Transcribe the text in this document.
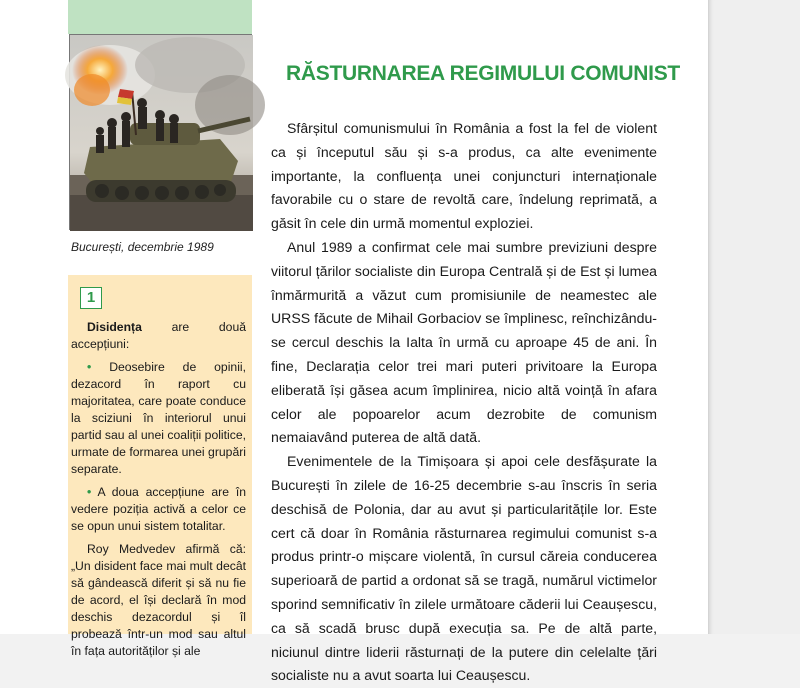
București, decembrie 1989
1

Disidența are două accepțiuni:

• Deosebire de opinii, dezacord în raport cu majoritatea, care poate conduce la sciziuni în interiorul unui partid sau al unei coaliții politice, urmate de formarea unei grupări separate.

• A doua accepțiune are în vedere poziția activă a celor ce se opun unui sistem totalitar.

Roy Medvedev afirmă că: „Un disident face mai mult decât să gândească diferit și să nu fie de acord, el își declară în mod deschis dezacordul și îl probează într-un mod sau altul în fața autorităților și ale

RĂSTURNAREA REGIMULUI COMUNIST

Sfârșitul comunismului în România a fost la fel de violent ca și începutul său și s-a produs, ca alte evenimente importante, la confluența unei conjuncturi internaționale favorabile cu o stare de revoltă care, îndelung reprimată, a găsit în cele din urmă momentul exploziei.

Anul 1989 a confirmat cele mai sumbre previziuni despre viitorul țărilor socialiste din Europa Centrală și de Est și lumea înmărmurită a văzut cum promisiunile de neamestec ale URSS făcute de Mihail Gorbaciov se împlinesc, reînchizându-se cercul deschis la Ialta în urmă cu aproape 45 de ani. În fine, Declarația celor trei mari puteri privitoare la Europa eliberată își găsea acum împlinirea, nicio altă voință în afara celor ale popoarelor acum dezrobite de comunism nemaiavând puterea de altă dată.

Evenimentele de la Timișoara și apoi cele desfășurate la București în zilele de 16-25 decembrie s-au înscris în seria deschisă de Polonia, dar au avut și particularitățile lor. Este cert că doar în România răsturnarea regimului comunist s-a produs printr-o mișcare violentă, în cursul căreia conducerea superioară de partid a ordonat să se tragă, numărul victimelor sporind semnificativ în zilele următoare căderii lui Ceaușescu, ca să scadă brusc după execuția sa. Pe de altă parte, niciunul dintre liderii răsturnați de la putere din celelalte țări socialiste nu a avut soarta lui Ceaușescu.
